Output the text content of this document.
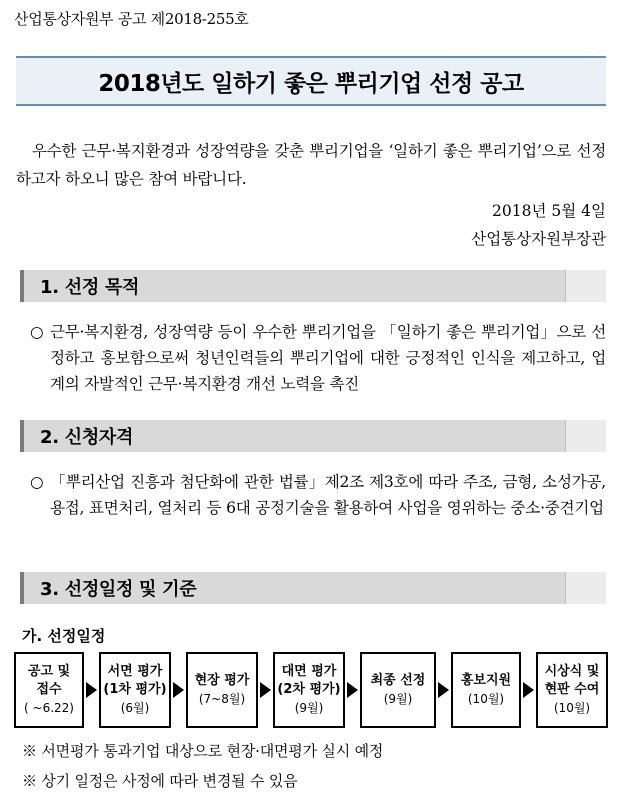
산업통상자원부 공고 제2018-255호
2018년도 일하기 좋은 뿌리기업 선정 공고
우수한 근무·복지환경과 성장역량을 갖춘 뿌리기업을 ‘일하기 좋은 뿌리기업’으로 선정하고자 하오니 많은 참여 바랍니다.
2018년 5월 4일
산업통상자원부장관
1. 선정 목적
○ 근무·복지환경, 성장역량 등이 우수한 뿌리기업을 「일하기 좋은 뿌리기업」으로 선정하고 홍보함으로써 청년인력들의 뿌리기업에 대한 긍정적인 인식을 제고하고, 업계의 자발적인 근무·복지환경 개선 노력을 촉진
2. 신청자격
○ 「뿌리산업 진흥과 첨단화에 관한 법률」제2조 제3호에 따라 주조, 금형, 소성가공, 용접, 표면처리, 열처리 등 6대 공정기술을 활용하여 사업을 영위하는 중소·중견기업
3. 선정일정 및 기준
가. 선정일정
공고 및
접수
( ~6.22)
서면 평가
(1차 평가)
(6월)
현장 평가
(7~8월)
대면 평가
(2차 평가)
(9월)
최종 선정
(9월)
홍보지원
(10월)
시상식 및
현판 수여
(10월)
※ 서면평가 통과기업 대상으로 현장·대면평가 실시 예정
※ 상기 일정은 사정에 따라 변경될 수 있음
